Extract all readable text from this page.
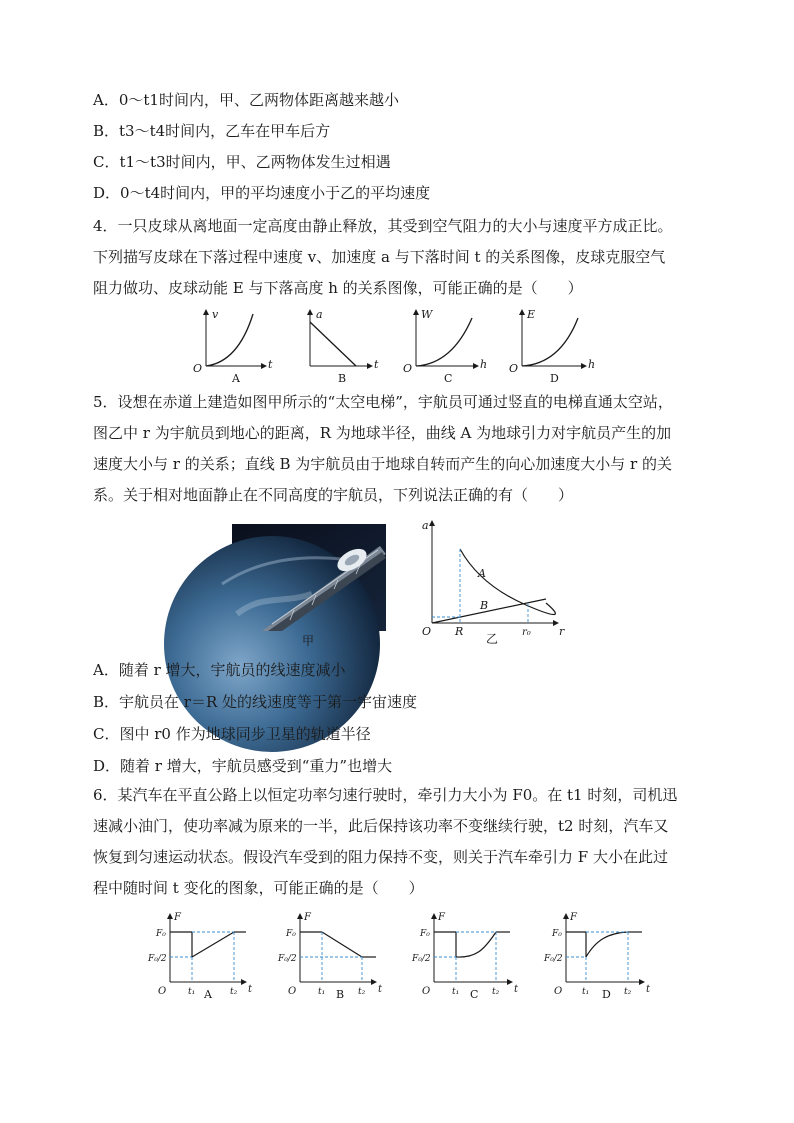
A．0～t1时间内，甲、乙两物体距离越来越小
B．t3～t4时间内，乙车在甲车后方
C．t1～t3时间内，甲、乙两物体发生过相遇
D．0～t4时间内，甲的平均速度小于乙的平均速度
4．一只皮球从离地面一定高度由静止释放，其受到空气阻力的大小与速度平方成正比。
下列描写皮球在下落过程中速度 v、加速度 a 与下落时间 t 的关系图像，皮球克服空气
阻力做功、皮球动能 E 与下落高度 h 的关系图像，可能正确的是（　　）
v
t
O
A
a
t
B
W
h
O
C
E
h
O
D
5．设想在赤道上建造如图甲所示的“太空电梯”，宇航员可通过竖直的电梯直通太空站，
图乙中 r 为宇航员到地心的距离，R 为地球半径，曲线 A 为地球引力对宇航员产生的加
速度大小与 r 的关系；直线 B 为宇航员由于地球自转而产生的向心加速度大小与 r 的关
系。关于相对地面静止在不同高度的宇航员，下列说法正确的有（　　）
甲
a
r
O R	r₀
A
B
乙
A．随着 r 增大，宇航员的线速度减小
B．宇航员在 r＝R 处的线速度等于第一宇宙速度
C．图中 r0 作为地球同步卫星的轨道半径
D．随着 r 增大，宇航员感受到“重力”也增大
6．某汽车在平直公路上以恒定功率匀速行驶时，牵引力大小为 F0。在 t1 时刻，司机迅
速减小油门，使功率减为原来的一半，此后保持该功率不变继续行驶，t2 时刻，汽车又
恢复到匀速运动状态。假设汽车受到的阻力保持不变，则关于汽车牵引力 F 大小在此过
程中随时间 t 变化的图象，可能正确的是（　　）
F
t
O
F₀
F₀/2
t₁	t₂
A
F
t
O
F₀
F₀/2
t₁	t₂
B
F
t
O
F₀
F₀/2
t₁	t₂
C
F
t
O
F₀
F₀/2
t₁	t₂
D
